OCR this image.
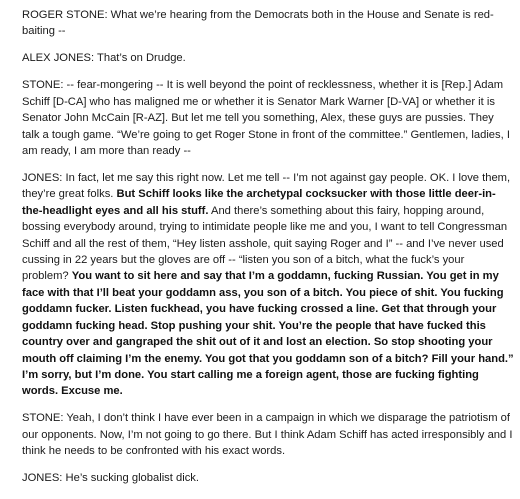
ROGER STONE: What we’re hearing from the Democrats both in the House and Senate is red-baiting --

ALEX JONES: That’s on Drudge.

STONE: -- fear-mongering -- It is well beyond the point of recklessness, whether it is [Rep.] Adam Schiff [D-CA] who has maligned me or whether it is Senator Mark Warner [D-VA] or whether it is Senator John McCain [R-AZ]. But let me tell you something, Alex, these guys are pussies. They talk a tough game. “We’re going to get Roger Stone in front of the committee.” Gentlemen, ladies, I am ready, I am more than ready --

JONES: In fact, let me say this right now. Let me tell -- I’m not against gay people. OK. I love them, they’re great folks. But Schiff looks like the archetypal cocksucker with those little deer-in-the-headlight eyes and all his stuff. And there’s something about this fairy, hopping around, bossing everybody around, trying to intimidate people like me and you, I want to tell Congressman Schiff and all the rest of them, “Hey listen asshole, quit saying Roger and I” -- and I’ve never used cussing in 22 years but the gloves are off -- “listen you son of a bitch, what the fuck’s your problem? You want to sit here and say that I’m a goddamn, fucking Russian. You get in my face with that I’ll beat your goddamn ass, you son of a bitch. You piece of shit. You fucking goddamn fucker. Listen fuckhead, you have fucking crossed a line. Get that through your goddamn fucking head. Stop pushing your shit. You’re the people that have fucked this country over and gangraped the shit out of it and lost an election. So stop shooting your mouth off claiming I’m the enemy. You got that you goddamn son of a bitch? Fill your hand.” I’m sorry, but I’m done. You start calling me a foreign agent, those are fucking fighting words. Excuse me.

STONE: Yeah, I don’t think I have ever been in a campaign in which we disparage the patriotism of our opponents. Now, I’m not going to go there. But I think Adam Schiff has acted irresponsibly and I think he needs to be confronted with his exact words.

JONES: He’s sucking globalist dick.
